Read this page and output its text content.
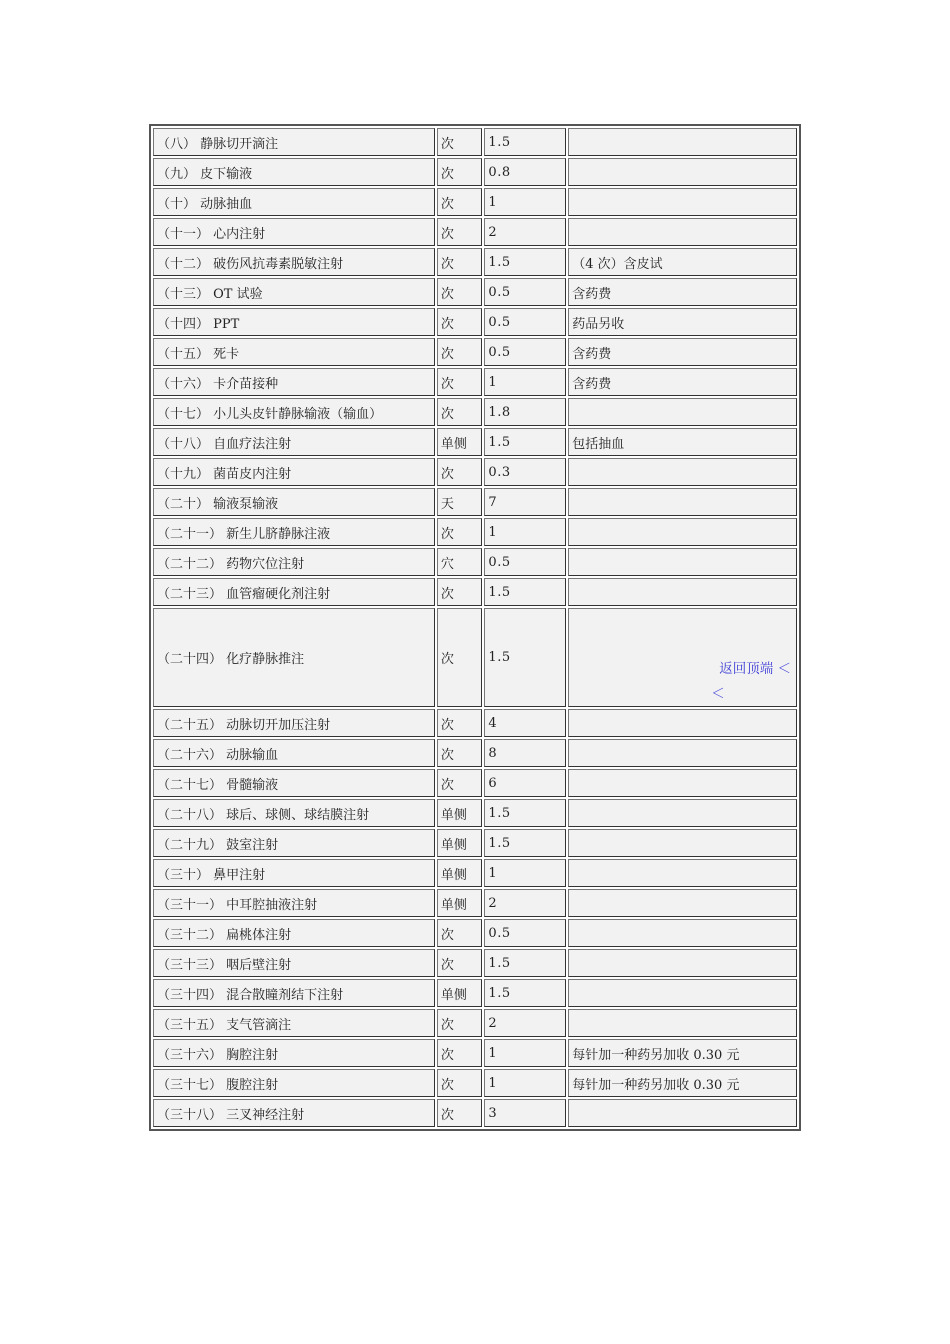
（八） 静脉切开滴注	次	1.5	
（九） 皮下输液	次	0.8	
（十） 动脉抽血	次	1	
（十一） 心内注射	次	2	
（十二） 破伤风抗毒素脱敏注射	次	1.5	（4 次）含皮试
（十三） OT 试验	次	0.5	含药费
（十四） PPT	次	0.5	药品另收
（十五） 死卡	次	0.5	含药费
（十六） 卡介苗接种	次	1	含药费
（十七） 小儿头皮针静脉输液（输血）	次	1.8	
（十八） 自血疗法注射	单侧	1.5	包括抽血
（十九） 菌苗皮内注射	次	0.3	
（二十） 输液泵输液	天	7	
（二十一） 新生儿脐静脉注液	次	1	
（二十二） 药物穴位注射	穴	0.5	
（二十三） 血管瘤硬化剂注射	次	1.5	
（二十四） 化疗静脉推注	次	1.5	返回顶端 ＜
＜

（二十五） 动脉切开加压注射	次	4	
（二十六） 动脉输血	次	8	
（二十七） 骨髓输液	次	6	
（二十八） 球后、球侧、球结膜注射	单侧	1.5	
（二十九） 鼓室注射	单侧	1.5	
（三十） 鼻甲注射	单侧	1	
（三十一） 中耳腔抽液注射	单侧	2	
（三十二） 扁桃体注射	次	0.5	
（三十三） 咽后壁注射	次	1.5	
（三十四） 混合散瞳剂结下注射	单侧	1.5	
（三十五） 支气管滴注	次	2	
（三十六） 胸腔注射	次	1	每针加一种药另加收 0.30 元
（三十七） 腹腔注射	次	1	每针加一种药另加收 0.30 元
（三十八） 三叉神经注射	次	3	
